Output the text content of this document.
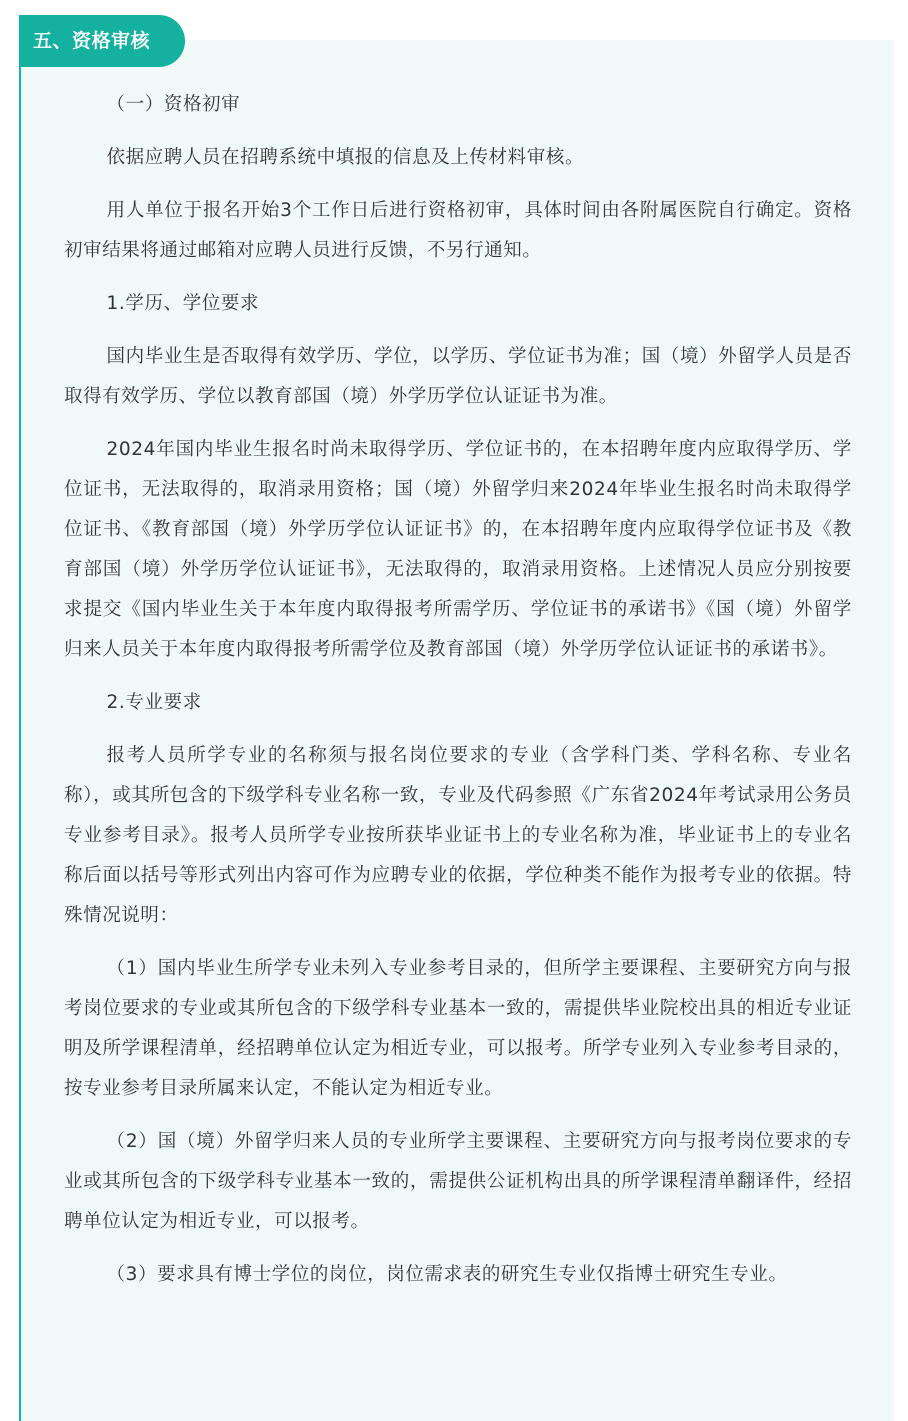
五、资格审核

（一）资格初审

依据应聘人员在招聘系统中填报的信息及上传材料审核。

用人单位于报名开始3个工作日后进行资格初审，具体时间由各附属医院自行确定。资格初审结果将通过邮箱对应聘人员进行反馈，不另行通知。

1.学历、学位要求

国内毕业生是否取得有效学历、学位，以学历、学位证书为准；国（境）外留学人员是否取得有效学历、学位以教育部国（境）外学历学位认证证书为准。

2024年国内毕业生报名时尚未取得学历、学位证书的，在本招聘年度内应取得学历、学位证书，无法取得的，取消录用资格；国（境）外留学归来2024年毕业生报名时尚未取得学位证书、《教育部国（境）外学历学位认证证书》的，在本招聘年度内应取得学位证书及《教育部国（境）外学历学位认证证书》，无法取得的，取消录用资格。上述情况人员应分别按要求提交《国内毕业生关于本年度内取得报考所需学历、学位证书的承诺书》《国（境）外留学归来人员关于本年度内取得报考所需学位及教育部国（境）外学历学位认证证书的承诺书》。

2.专业要求

报考人员所学专业的名称须与报名岗位要求的专业（含学科门类、学科名称、专业名称），或其所包含的下级学科专业名称一致，专业及代码参照《广东省2024年考试录用公务员专业参考目录》。报考人员所学专业按所获毕业证书上的专业名称为准，毕业证书上的专业名称后面以括号等形式列出内容可作为应聘专业的依据，学位种类不能作为报考专业的依据。特殊情况说明：

（1）国内毕业生所学专业未列入专业参考目录的，但所学主要课程、主要研究方向与报考岗位要求的专业或其所包含的下级学科专业基本一致的，需提供毕业院校出具的相近专业证明及所学课程清单，经招聘单位认定为相近专业，可以报考。所学专业列入专业参考目录的，按专业参考目录所属来认定，不能认定为相近专业。

（2）国（境）外留学归来人员的专业所学主要课程、主要研究方向与报考岗位要求的专业或其所包含的下级学科专业基本一致的，需提供公证机构出具的所学课程清单翻译件，经招聘单位认定为相近专业，可以报考。

（3）要求具有博士学位的岗位，岗位需求表的研究生专业仅指博士研究生专业。
